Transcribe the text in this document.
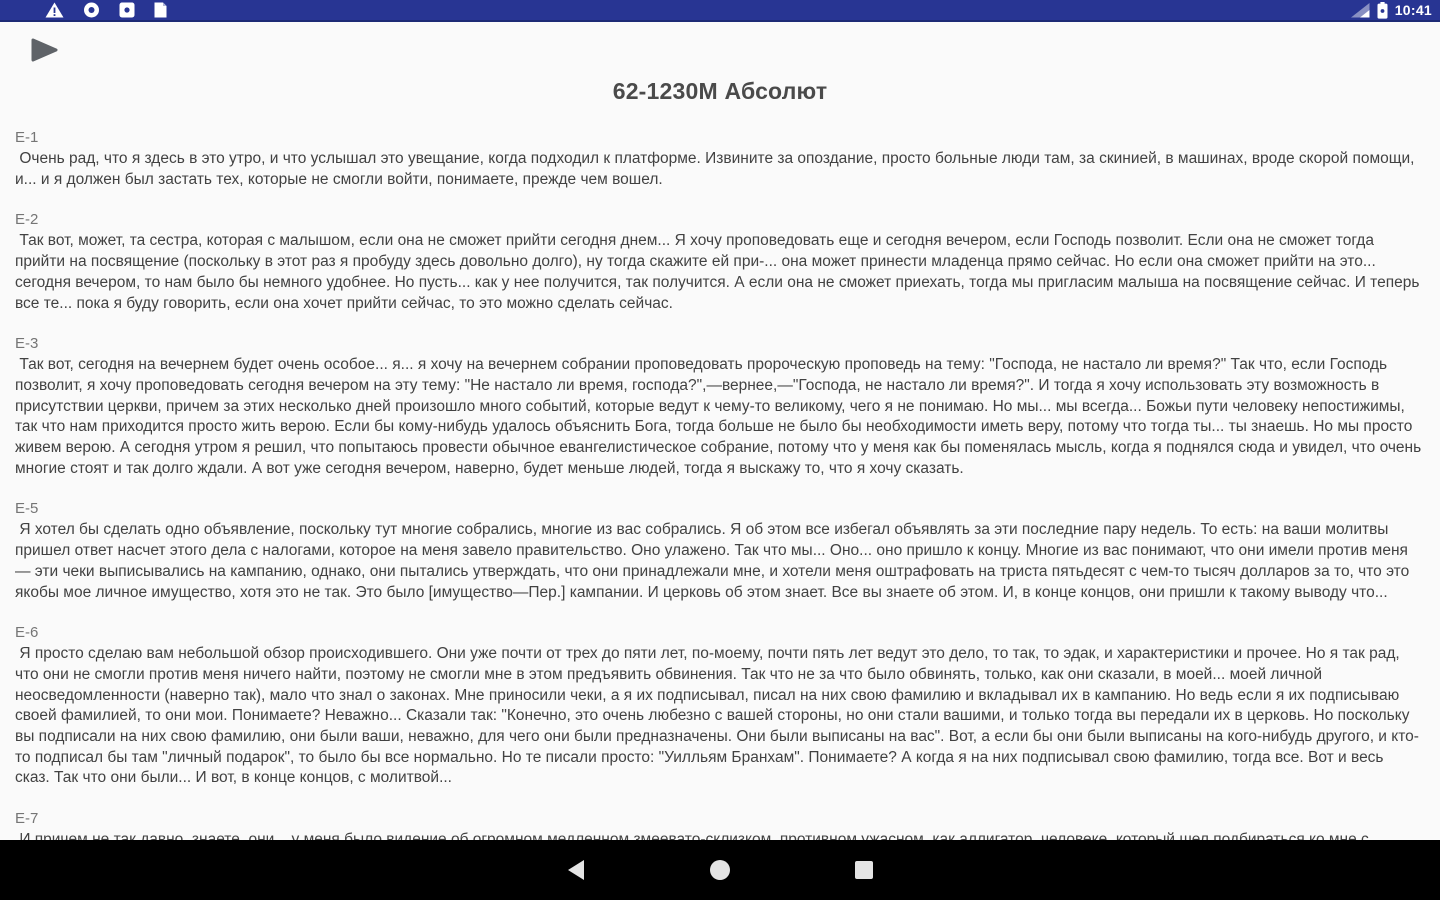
10:41
62-1230M Абсолют
E-1
Очень рад, что я здесь в это утро, и что услышал это увещание, когда подходил к платформе. Извините за опоздание, просто больные люди там, за скинией, в машинах, вроде скорой помощи, и... и я должен был застать тех, которые не смогли войти, понимаете, прежде чем вошел.
E-2
Так вот, может, та сестра, которая с малышом, если она не сможет прийти сегодня днем... Я хочу проповедовать еще и сегодня вечером, если Господь позволит. Если она не сможет тогда прийти на посвящение (поскольку в этот раз я пробуду здесь довольно долго), ну тогда скажите ей при-... она может принести младенца прямо сейчас. Но если она сможет прийти на это... сегодня вечером, то нам было бы немного удобнее. Но пусть... как у нее получится, так получится. А если она не сможет приехать, тогда мы пригласим малыша на посвящение сейчас. И теперь все те... пока я буду говорить, если она хочет прийти сейчас, то это можно сделать сейчас.
E-3
Так вот, сегодня на вечернем будет очень особое... я... я хочу на вечернем собрании проповедовать пророческую проповедь на тему: "Господа, не настало ли время?" Так что, если Господь позволит, я хочу проповедовать сегодня вечером на эту тему: "Не настало ли время, господа?",—вернее,—"Господа, не настало ли время?". И тогда я хочу использовать эту возможность в присутствии церкви, причем за этих несколько дней произошло много событий, которые ведут к чему-то великому, чего я не понимаю. Но мы... мы всегда... Божьи пути человеку непостижимы, так что нам приходится просто жить верою. Если бы кому-нибудь удалось объяснить Бога, тогда больше не было бы необходимости иметь веру, потому что тогда ты... ты знаешь. Но мы просто живем верою. А сегодня утром я решил, что попытаюсь провести обычное евангелистическое собрание, потому что у меня как бы поменялась мысль, когда я поднялся сюда и увидел, что очень многие стоят и так долго ждали. А вот уже сегодня вечером, наверно, будет меньше людей, тогда я выскажу то, что я хочу сказать.
E-5
Я хотел бы сделать одно объявление, поскольку тут многие собрались, многие из вас собрались. Я об этом все избегал объявлять за эти последние пару недель. То есть: на ваши молитвы пришел ответ насчет этого дела с налогами, которое на меня завело правительство. Оно улажено. Так что мы... Оно... оно пришло к концу. Многие из вас понимают, что они имели против меня — эти чеки выписывались на кампанию, однако, они пытались утверждать, что они принадлежали мне, и хотели меня оштрафовать на триста пятьдесят с чем-то тысяч долларов за то, что это якобы мое личное имущество, хотя это не так. Это было [имущество—Пер.] кампании. И церковь об этом знает. Все вы знаете об этом. И, в конце концов, они пришли к такому выводу что...
E-6
Я просто сделаю вам небольшой обзор происходившего. Они уже почти от трех до пяти лет, по-моему, почти пять лет ведут это дело, то так, то эдак, и характеристики и прочее. Но я так рад, что они не смогли против меня ничего найти, поэтому не смогли мне в этом предъявить обвинения. Так что не за что было обвинять, только, как они сказали, в моей... моей личной неосведомленности (наверно так), мало что знал о законах. Мне приносили чеки, а я их подписывал, писал на них свою фамилию и вкладывал их в кампанию. Но ведь если я их подписываю своей фамилией, то они мои. Понимаете? Неважно... Сказали так: "Конечно, это очень любезно с вашей стороны, но они стали вашими, и только тогда вы передали их в церковь. Но поскольку вы подписали на них свою фамилию, они были ваши, неважно, для чего они были предназначены. Они были выписаны на вас". Вот, а если бы они были выписаны на кого-нибудь другого, и кто-то подписал бы там "личный подарок", то было бы все нормально. Но те писали просто: "Уилльям Бранхам". Понимаете? А когда я на них подписывал свою фамилию, тогда все. Вот и весь сказ. Так что они были... И вот, в конце концов, с молитвой...
E-7
